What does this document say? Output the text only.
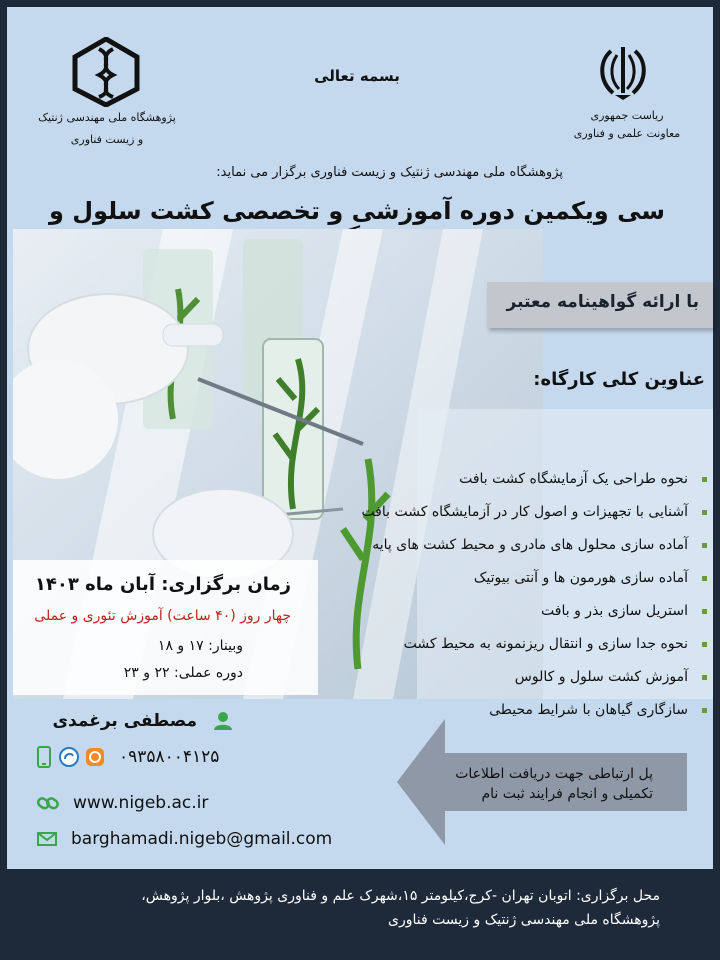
بسمه تعالی
پژوهشگاه ملی مهندسی ژنتیک
و زیست فناوری
ریاست جمهوری
معاونت علمی و فناوری
پژوهشگاه ملی مهندسی ژنتیک و زیست فناوری برگزار می نماید:
سی ویکمین دوره آموزشی و تخصصی کشت سلول و
با ارائه گواهینامه معتبر
عناوین کلی کارگاه:
نحوه طراحی یک آزمایشگاه کشت بافت
آشنایی با تجهیزات و اصول کار در آزمایشگاه کشت بافت
آماده سازی محلول های مادری و محیط کشت های پایه
آماده سازی هورمون ها و آنتی بیوتیک
استریل سازی بذر و بافت
نحوه جدا سازی و انتقال ریزنمونه به محیط کشت
آموزش کشت سلول و کالوس
سازگاری گیاهان با شرایط محیطی
زمان برگزاری: آبان ماه ۱۴۰۳
چهار روز (۴۰ ساعت) آموزش تئوری و عملی
وبینار: ۱۷ و ۱۸
دوره عملی: ۲۲ و ۲۳
مصطفی برغمدی
۰۹۳۵۸۰۰۴۱۲۵
www.nigeb.ac.ir
barghamadi.nigeb@gmail.com
پل ارتباطی جهت دریافت اطلاعات
تکمیلی و انجام فرایند ثبت نام
محل برگزاری: اتوبان تهران -کرج،کیلومتر ۱۵،شهرک علم و فناوری پژوهش ،بلوار پژوهش،
پژوهشگاه ملی مهندسی ژنتیک و زیست فناوری
